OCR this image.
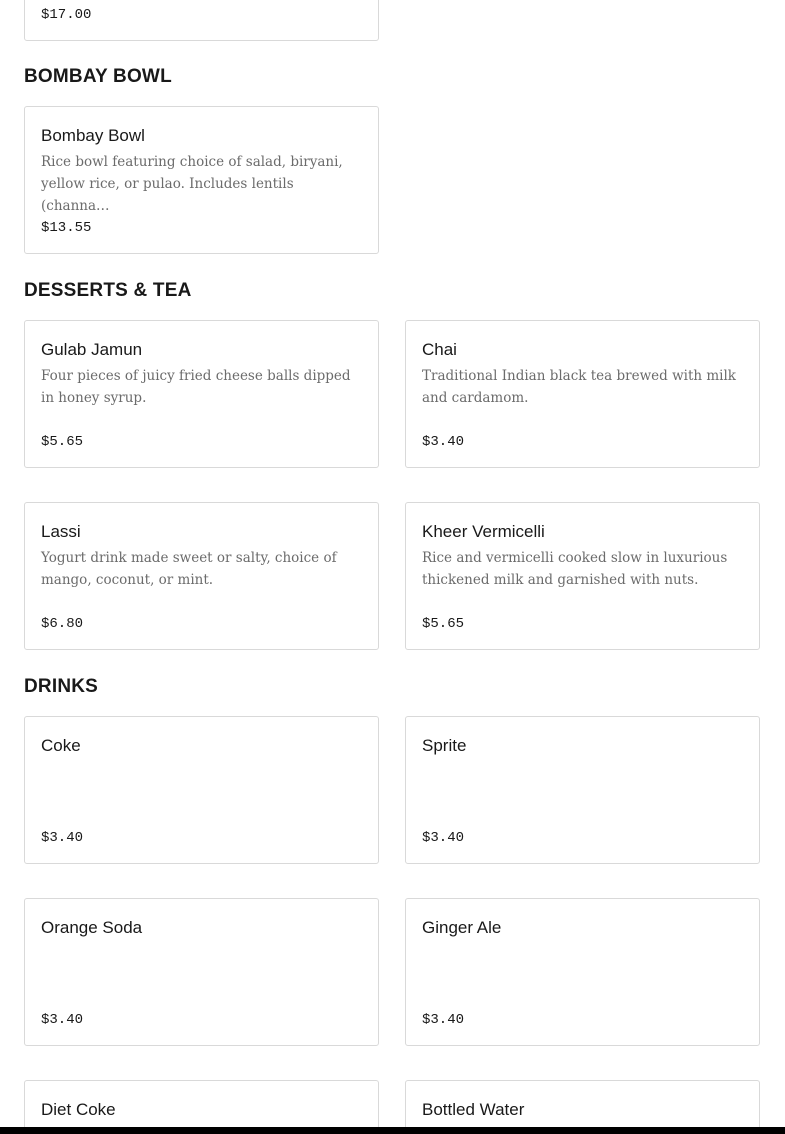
$17.00
BOMBAY BOWL
Bombay Bowl
Rice bowl featuring choice of salad, biryani, yellow rice, or pulao. Includes lentils (channa…
$13.55
DESSERTS & TEA
Gulab Jamun
Four pieces of juicy fried cheese balls dipped in honey syrup.
$5.65
Chai
Traditional Indian black tea brewed with milk and cardamom.
$3.40
Lassi
Yogurt drink made sweet or salty, choice of mango, coconut, or mint.
$6.80
Kheer Vermicelli
Rice and vermicelli cooked slow in luxurious thickened milk and garnished with nuts.
$5.65
DRINKS
Coke
$3.40
Sprite
$3.40
Orange Soda
$3.40
Ginger Ale
$3.40
Diet Coke	Bottled Water
